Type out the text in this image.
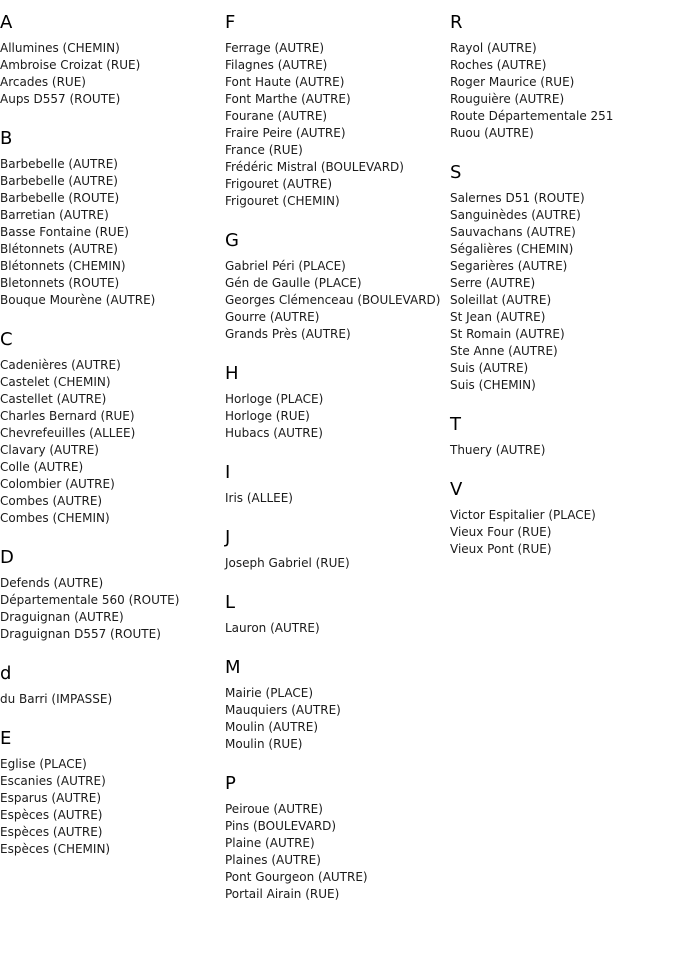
A
Allumines (CHEMIN)
Ambroise Croizat (RUE)
Arcades (RUE)
Aups D557 (ROUTE)
B
Barbebelle (AUTRE)
Barbebelle (AUTRE)
Barbebelle (ROUTE)
Barretian (AUTRE)
Basse Fontaine (RUE)
Blétonnets (AUTRE)
Blétonnets (CHEMIN)
Bletonnets (ROUTE)
Bouque Mourène (AUTRE)
C
Cadenières (AUTRE)
Castelet (CHEMIN)
Castellet (AUTRE)
Charles Bernard (RUE)
Chevrefeuilles (ALLEE)
Clavary (AUTRE)
Colle (AUTRE)
Colombier (AUTRE)
Combes (AUTRE)
Combes (CHEMIN)
D
Defends (AUTRE)
Départementale 560 (ROUTE)
Draguignan (AUTRE)
Draguignan D557 (ROUTE)
d
du Barri (IMPASSE)
E
Eglise (PLACE)
Escanies (AUTRE)
Esparus (AUTRE)
Espèces (AUTRE)
Espèces (AUTRE)
Espèces (CHEMIN)
F
Ferrage (AUTRE)
Filagnes (AUTRE)
Font Haute (AUTRE)
Font Marthe (AUTRE)
Fourane (AUTRE)
Fraire Peire (AUTRE)
France (RUE)
Frédéric Mistral (BOULEVARD)
Frigouret (AUTRE)
Frigouret (CHEMIN)
G
Gabriel Péri (PLACE)
Gén de Gaulle (PLACE)
Georges Clémenceau (BOULEVARD)
Gourre (AUTRE)
Grands Près (AUTRE)
H
Horloge (PLACE)
Horloge (RUE)
Hubacs (AUTRE)
I
Iris (ALLEE)
J
Joseph Gabriel (RUE)
L
Lauron (AUTRE)
M
Mairie (PLACE)
Mauquiers (AUTRE)
Moulin (AUTRE)
Moulin (RUE)
P
Peiroue (AUTRE)
Pins (BOULEVARD)
Plaine (AUTRE)
Plaines (AUTRE)
Pont Gourgeon (AUTRE)
Portail Airain (RUE)
R
Rayol (AUTRE)
Roches (AUTRE)
Roger Maurice (RUE)
Rouguière (AUTRE)
Route Départementale 251
Ruou (AUTRE)
S
Salernes D51 (ROUTE)
Sanguinèdes (AUTRE)
Sauvachans (AUTRE)
Ségalières (CHEMIN)
Segarières (AUTRE)
Serre (AUTRE)
Soleillat (AUTRE)
St Jean (AUTRE)
St Romain (AUTRE)
Ste Anne (AUTRE)
Suis (AUTRE)
Suis (CHEMIN)
T
Thuery (AUTRE)
V
Victor Espitalier (PLACE)
Vieux Four (RUE)
Vieux Pont (RUE)
